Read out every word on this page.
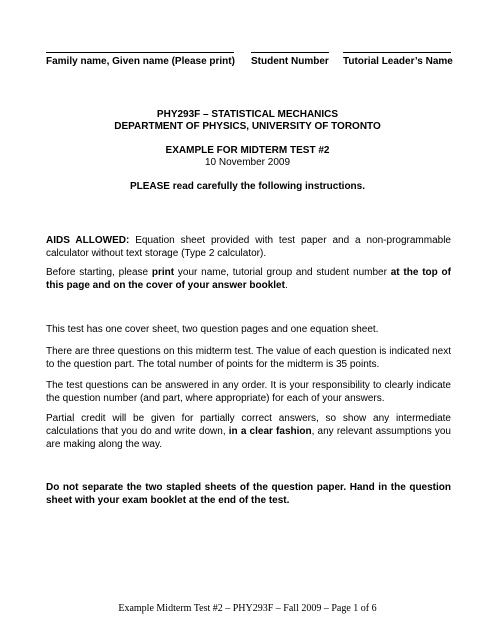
Family name, Given name (Please print) Student Number Tutorial Leader’s Name
PHY293F – STATISTICAL MECHANICS
DEPARTMENT OF PHYSICS, UNIVERSITY OF TORONTO
EXAMPLE FOR MIDTERM TEST #2
10 November 2009
PLEASE read carefully the following instructions.
AIDS ALLOWED: Equation sheet provided with test paper and a non-programmable calculator without text storage (Type 2 calculator).
Before starting, please print your name, tutorial group and student number at the top of this page and on the cover of your answer booklet.
This test has one cover sheet, two question pages and one equation sheet.
There are three questions on this midterm test. The value of each question is indicated next to the question part. The total number of points for the midterm is 35 points.
The test questions can be answered in any order. It is your responsibility to clearly indicate the question number (and part, where appropriate) for each of your answers.
Partial credit will be given for partially correct answers, so show any intermediate calculations that you do and write down, in a clear fashion, any relevant assumptions you are making along the way.
Do not separate the two stapled sheets of the question paper. Hand in the question sheet with your exam booklet at the end of the test.
Example Midterm Test #2 – PHY293F – Fall 2009 – Page 1 of 6
